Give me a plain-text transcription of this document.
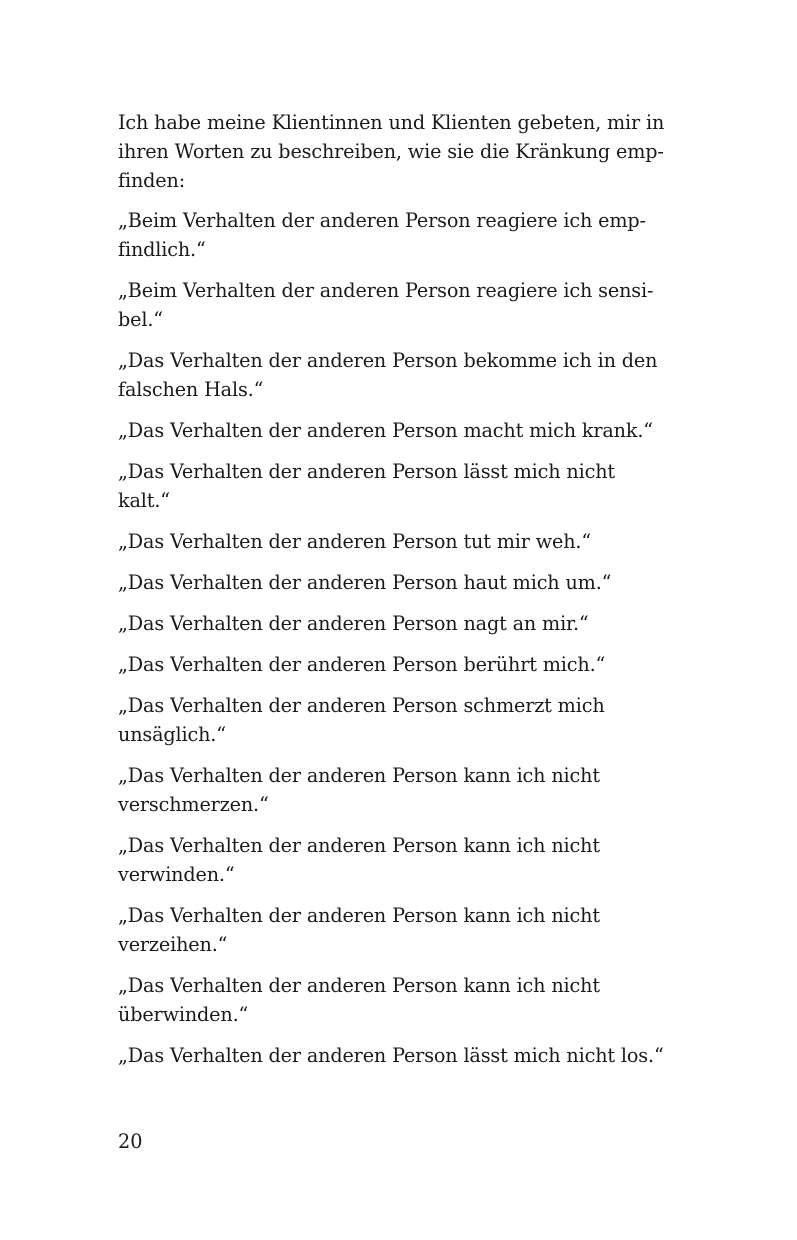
Ich habe meine Klientinnen und Klienten gebeten, mir in
ihren Worten zu beschreiben, wie sie die Kränkung emp-
finden:

„Beim Verhalten der anderen Person reagiere ich emp-
findlich.“

„Beim Verhalten der anderen Person reagiere ich sensi-
bel.“

„Das Verhalten der anderen Person bekomme ich in den
falschen Hals.“

„Das Verhalten der anderen Person macht mich krank.“

„Das Verhalten der anderen Person lässt mich nicht
kalt.“

„Das Verhalten der anderen Person tut mir weh.“

„Das Verhalten der anderen Person haut mich um.“

„Das Verhalten der anderen Person nagt an mir.“

„Das Verhalten der anderen Person berührt mich.“

„Das Verhalten der anderen Person schmerzt mich
unsäglich.“

„Das Verhalten der anderen Person kann ich nicht
verschmerzen.“

„Das Verhalten der anderen Person kann ich nicht
verwinden.“

„Das Verhalten der anderen Person kann ich nicht
verzeihen.“

„Das Verhalten der anderen Person kann ich nicht
überwinden.“

„Das Verhalten der anderen Person lässt mich nicht los.“

20
